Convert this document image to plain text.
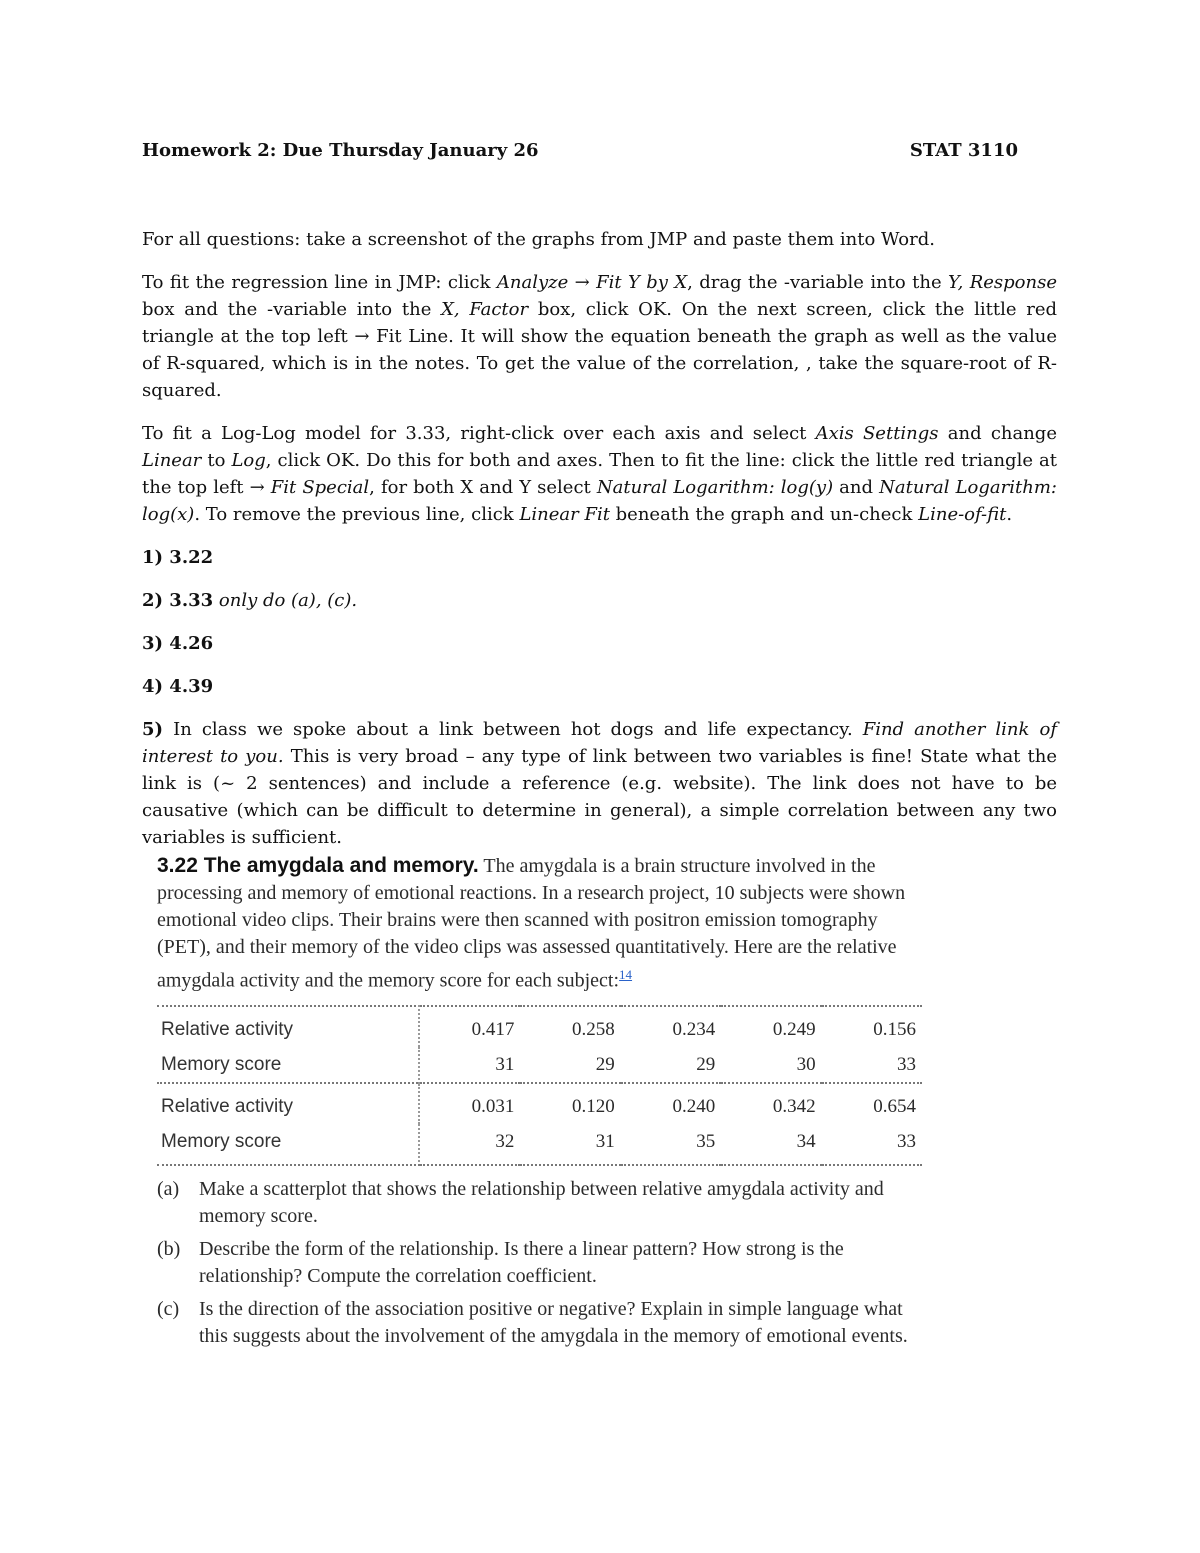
Homework 2: Due Thursday January 26	STAT 3110

For all questions: take a screenshot of the graphs from JMP and paste them into Word.

To fit the regression line in JMP: click Analyze → Fit Y by X, drag the -variable into the Y, Response box and the -variable into the X, Factor box, click OK. On the next screen, click the little red triangle at the top left → Fit Line. It will show the equation beneath the graph as well as the value of R-squared, which is in the notes. To get the value of the correlation, , take the square-root of R-squared.

To fit a Log-Log model for 3.33, right-click over each axis and select Axis Settings and change Linear to Log, click OK. Do this for both and axes. Then to fit the line: click the little red triangle at the top left → Fit Special, for both X and Y select Natural Logarithm: log(y) and Natural Logarithm: log(x). To remove the previous line, click Linear Fit beneath the graph and un-check Line-of-fit.

1) 3.22

2) 3.33 only do (a), (c).

3) 4.26

4) 4.39

5) In class we spoke about a link between hot dogs and life expectancy. Find another link of interest to you. This is very broad – any type of link between two variables is fine! State what the link is (~ 2 sentences) and include a reference (e.g. website). The link does not have to be causative (which can be difficult to determine in general), a simple correlation between any two variables is sufficient.

3.22 The amygdala and memory. The amygdala is a brain structure involved in the processing and memory of emotional reactions. In a research project, 10 subjects were shown emotional video clips. Their brains were then scanned with positron emission tomography (PET), and their memory of the video clips was assessed quantitatively. Here are the relative amygdala activity and the memory score for each subject:$^{14}$

Relative activity	0.417	0.258	0.234	0.249	0.156
Memory score	31	29	29	30	33
Relative activity	0.031	0.120	0.240	0.342	0.654
Memory score	32	31	35	34	33
(a) Make a scatterplot that shows the relationship between relative amygdala activity and memory score.
(b) Describe the form of the relationship. Is there a linear pattern? How strong is the relationship? Compute the correlation coefficient.
(c) Is the direction of the association positive or negative? Explain in simple language what this suggests about the involvement of the amygdala in the memory of emotional events.
